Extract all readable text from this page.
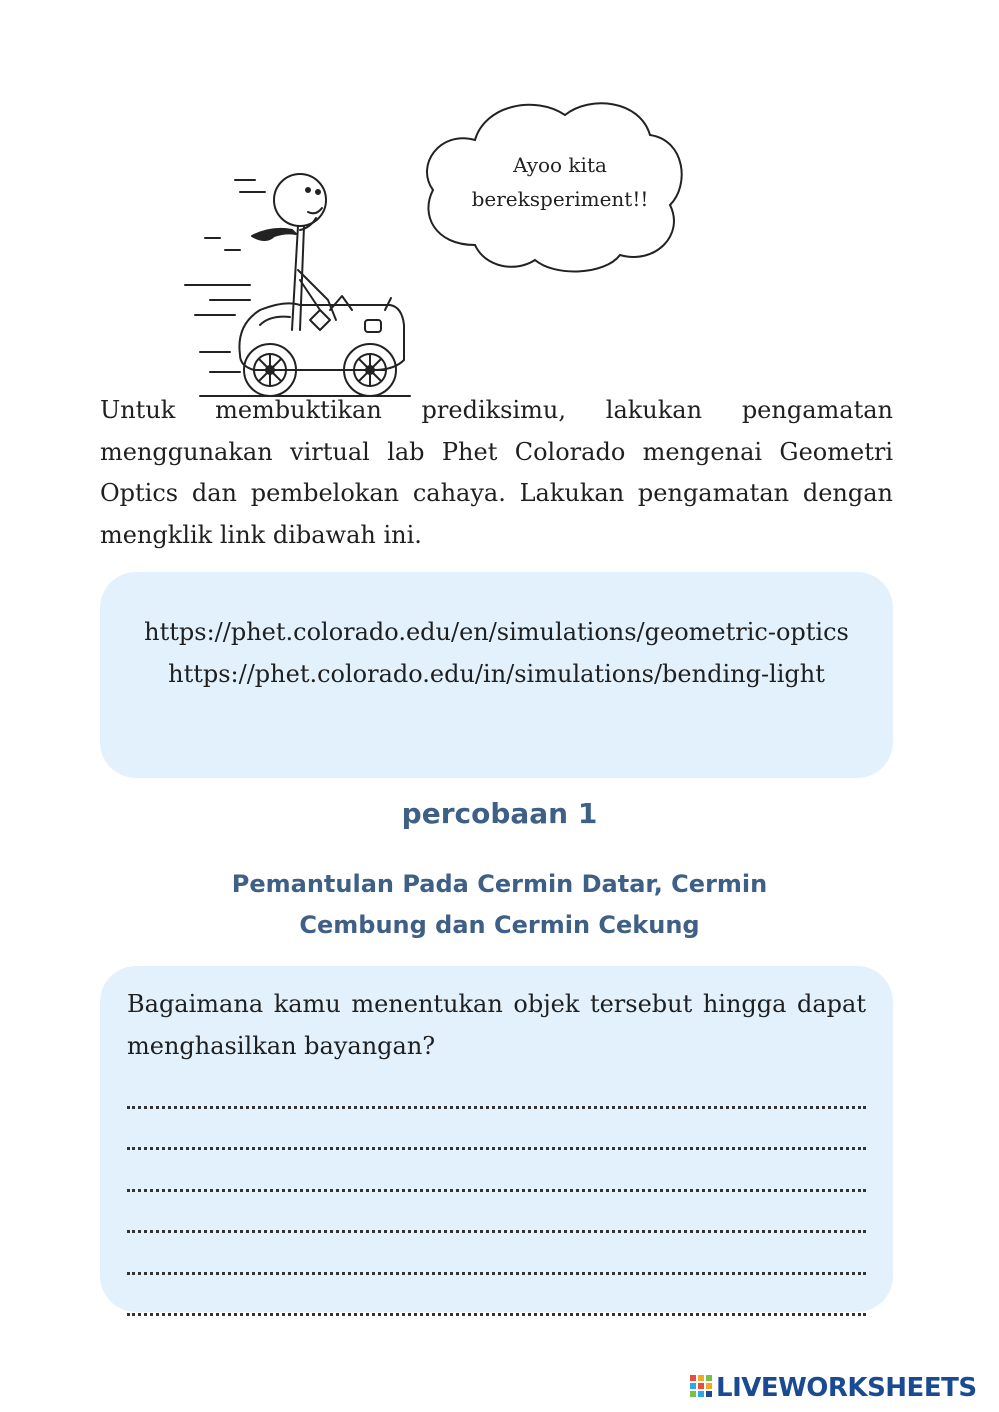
Ayoo kita
bereksperiment!!

Untuk membuktikan prediksimu, lakukan pengamatan menggunakan virtual lab Phet Colorado mengenai Geometri Optics dan pembelokan cahaya. Lakukan pengamatan dengan mengklik link dibawah ini.

https://phet.colorado.edu/en/simulations/geometric-optics
https://phet.colorado.edu/in/simulations/bending-light
percobaan 1
Pemantulan Pada Cermin Datar, Cermin Cembung dan Cermin Cekung

Bagaimana kamu menentukan objek tersebut hingga dapat menghasilkan bayangan?

LIVEWORKSHEETS
